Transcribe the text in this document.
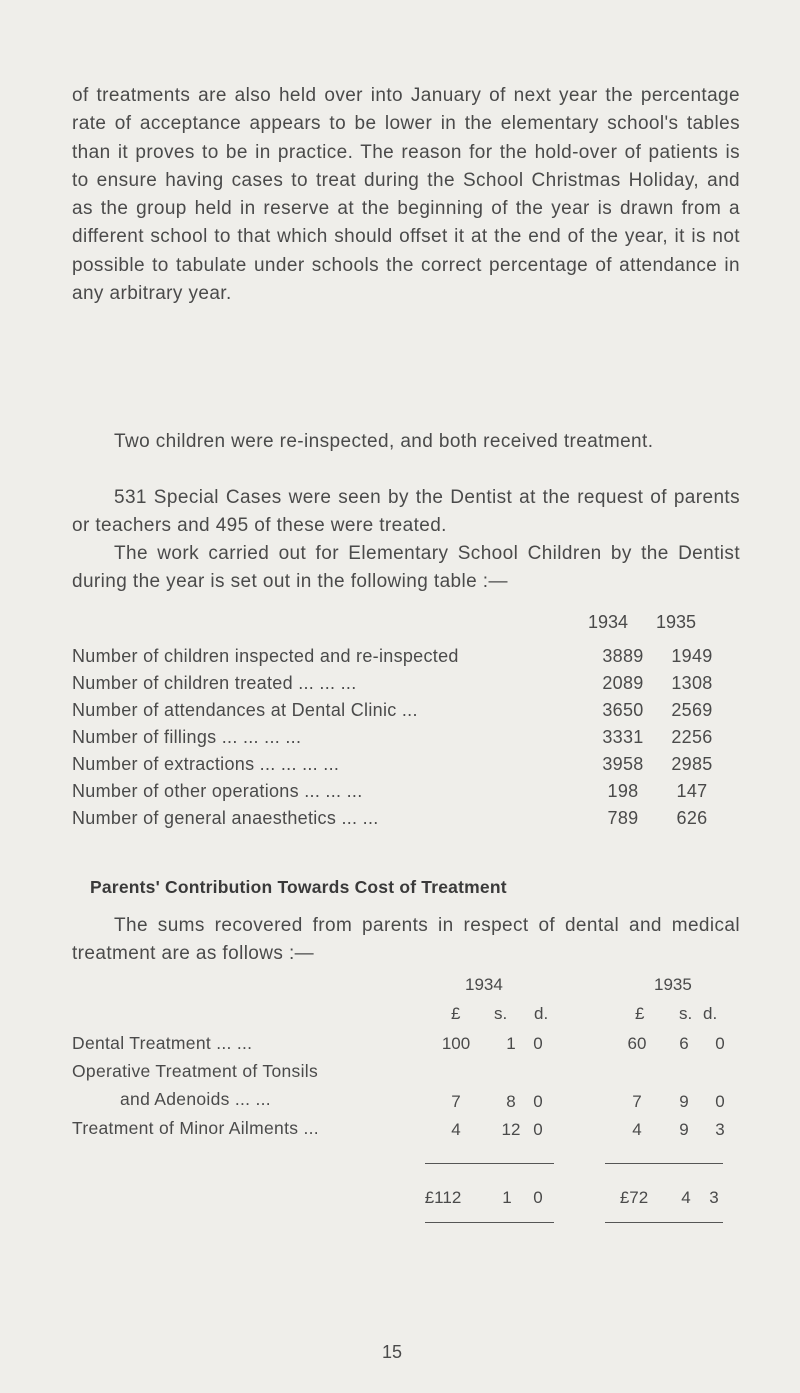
of treatments are also held over into January of next year the percentage rate of acceptance appears to be lower in the elementary school's tables than it proves to be in practice. The reason for the hold-over of patients is to ensure having cases to treat during the School Christmas Holiday, and as the group held in reserve at the beginning of the year is drawn from a different school to that which should offset it at the end of the year, it is not possible to tabulate under schools the correct percentage of attendance in any arbitrary year.

Two children were re-inspected, and both received treatment.

531 Special Cases were seen by the Dentist at the request of parents or teachers and 495 of these were treated.

The work carried out for Elementary School Children by the Dentist during the year is set out in the following table :—

1934 1935
Number of children inspected and re-inspected	3889	1949
Number of children treated ... ... ...	2089	1308
Number of attendances at Dental Clinic ...	3650	2569
Number of fillings ... ... ... ...	3331	2256
Number of extractions ... ... ... ...	3958	2985
Number of other operations ... ... ...	198	147
Number of general anaesthetics ... ...	789	626
Parents' Contribution Towards Cost of Treatment

The sums recovered from parents in respect of dental and medical treatment are as follows :—

1934	1935
£ s. d.	£ s. d.
Dental Treatment ... ...	100	1	0	60	6	0
Operative Treatment of Tonsils
and Adenoids ... ...	7	8	0	7	9	0
Treatment of Minor Ailments ...	4	12 0	4	9	3
£112	1	0	£72	4	3
15
